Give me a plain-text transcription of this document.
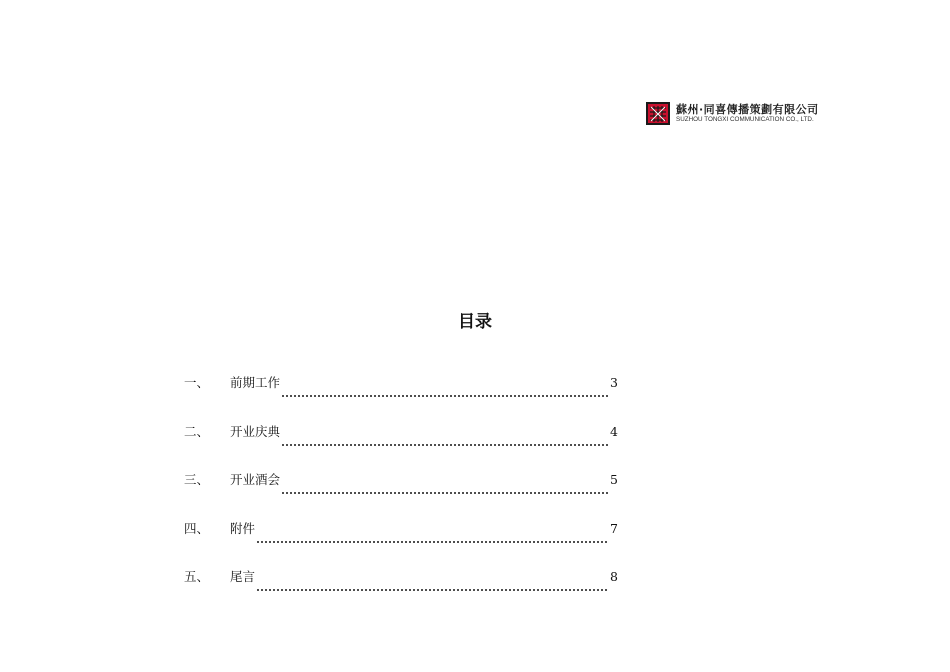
蘇州·同喜傳播策劃有限公司
SUZHOU TONGXI COMMUNICATION CO., LTD.
目录
一、	前期工作	3
二、	开业庆典	4
三、	开业酒会	5
四、	附件	7
五、	尾言	8
